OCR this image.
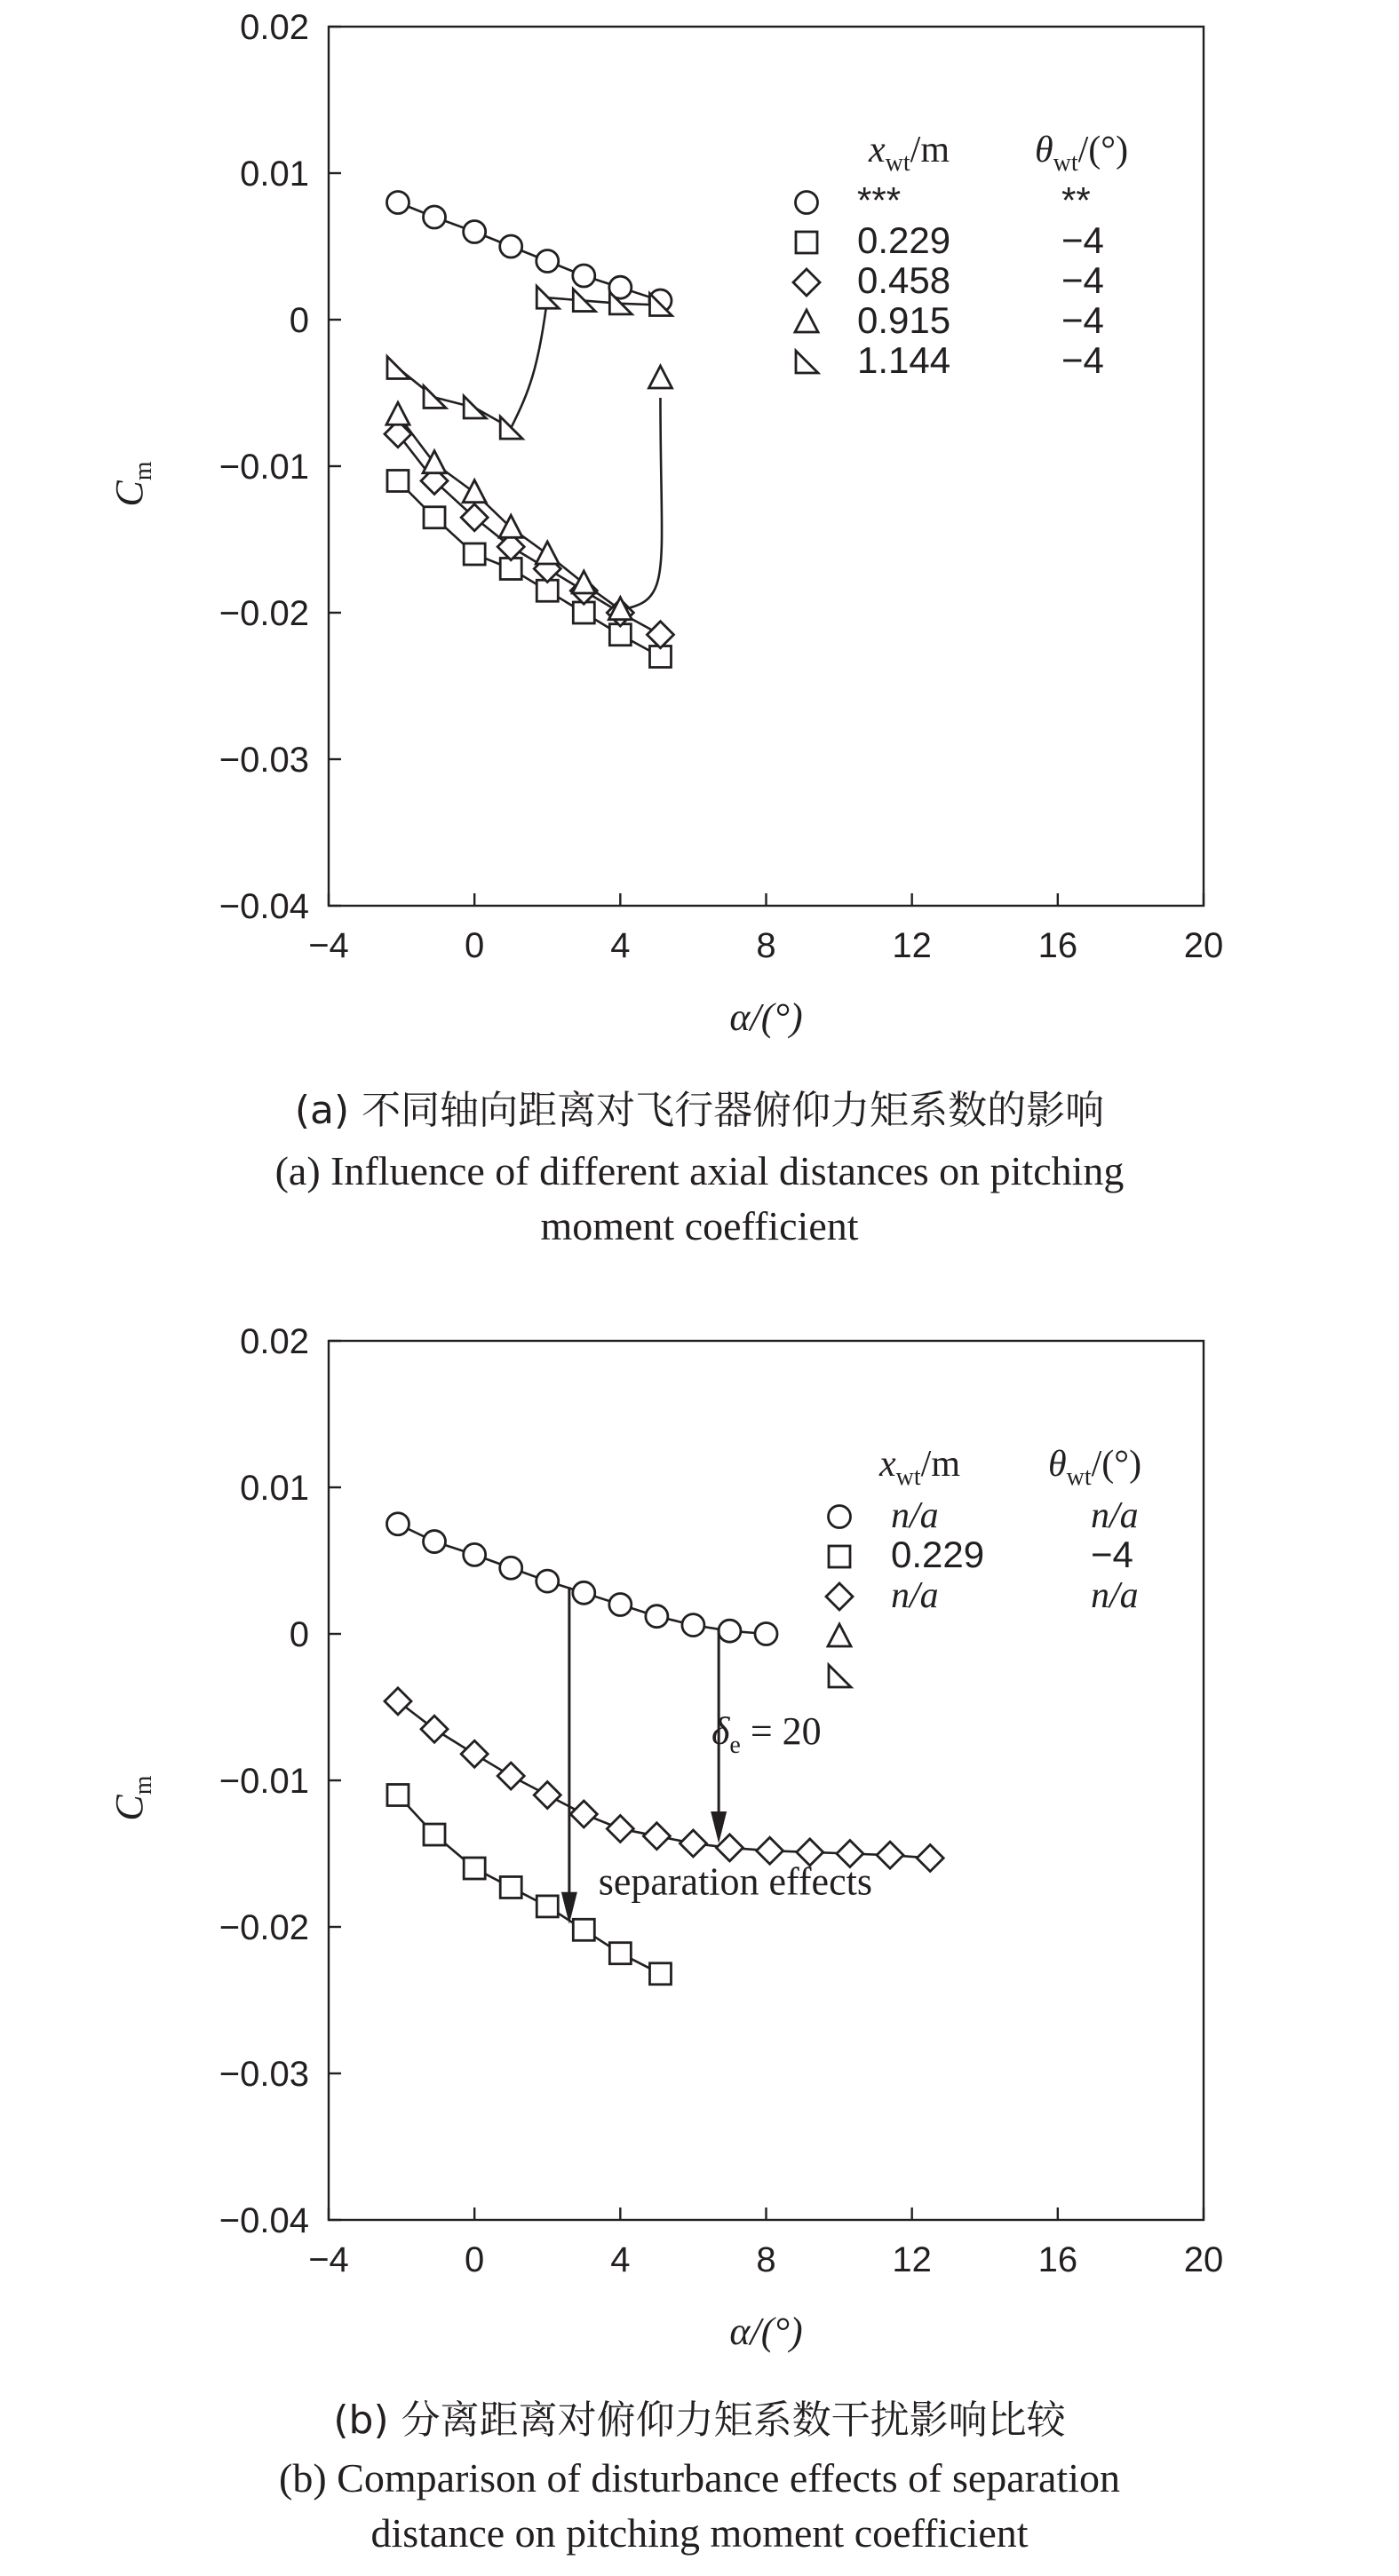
0.02
0.01
0
−0.01
−0.02
−0.03
−0.04
−4	0	4	8	12	16	20
α/(°)
$C_m$
$x_{wt}/m$ $\theta_{wt}/(^\circ)$
***	**
0.229	−4
0.458	−4
0.915	−4
1.144	−4
0.02
0.01
0
−0.01
−0.02
−0.03
−0.04
−4	0	4	8	12	16	20
α/(°)
$C_m$
$x_{wt}/m$ $\theta_{wt}/(^\circ)$
n/a	n/a
0.229	−4
n/a	n/a
$\delta_e = 20$
separation effects
(a) 不同轴向距离对飞行器俯仰力矩系数的影响
(a) Influence of different axial distances on pitching
moment coefficient
(b) 分离距离对俯仰力矩系数干扰影响比较
(b) Comparison of disturbance effects of separation
distance on pitching moment coefficient
